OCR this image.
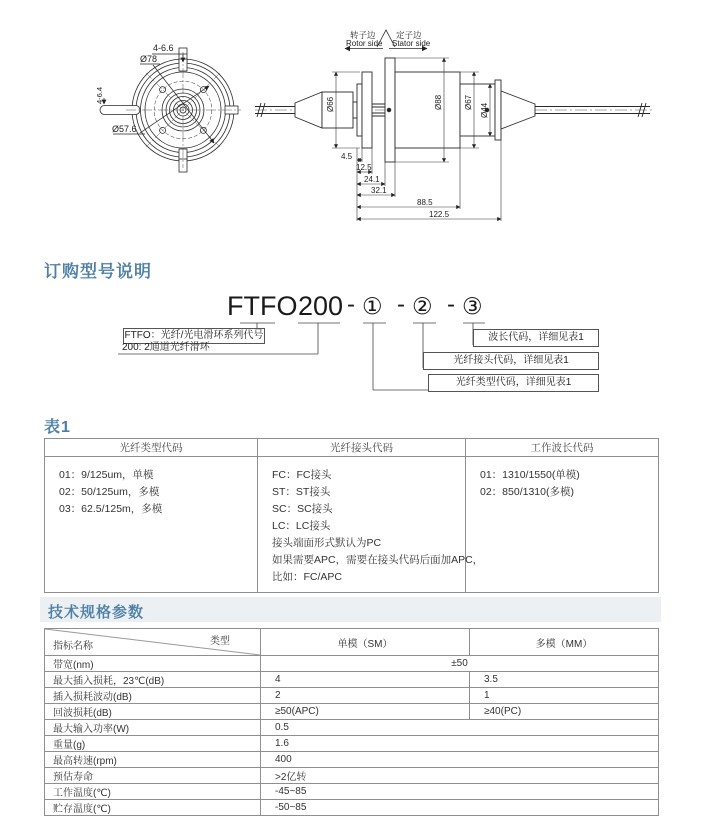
4-6.6
Ø78
Ø57.6
4-6.4
转子边
Rotor side
定子边
Stator side
Ø66	Ø88	Ø67
Ø44
4.5
12.5
24.1
32.1
88.5
122.5
订购型号说明
FTFO 200 - ① - ② - ③
FTFO：光纤/光电滑环系列代号
200: 2通道光纤滑环
波长代码，详细见表1
光纤接头代码，详细见表1
光纤类型代码，详细见表1
表1
光纤类型代码	光纤接头代码	工作波长代码

01：9/125um，单模
02：50/125um，多模
03：62.5/125m，多模

FC：FC接头
ST：ST接头
SC：SC接头
LC：LC接头
接头端面形式默认为PC
如果需要APC，需要在接头代码后面加APC，
比如：FC/APC

01：1310/1550(单模)
02：850/1310(多模)
技术规格参数
类型
指标名称	单模（SM）	多模（MM）
带宽(nm)	±50	
最大插入损耗，23℃(dB)	4	3.5
插入损耗波动(dB)	2	1
回波损耗(dB)	≥50(APC)	≥40(PC)
最大输入功率(W)	0.5	
重量(g)	1.6	
最高转速(rpm)	400	
预估寿命	>2亿转	
工作温度(℃)	-45~85	
贮存温度(℃)	-50~85	
